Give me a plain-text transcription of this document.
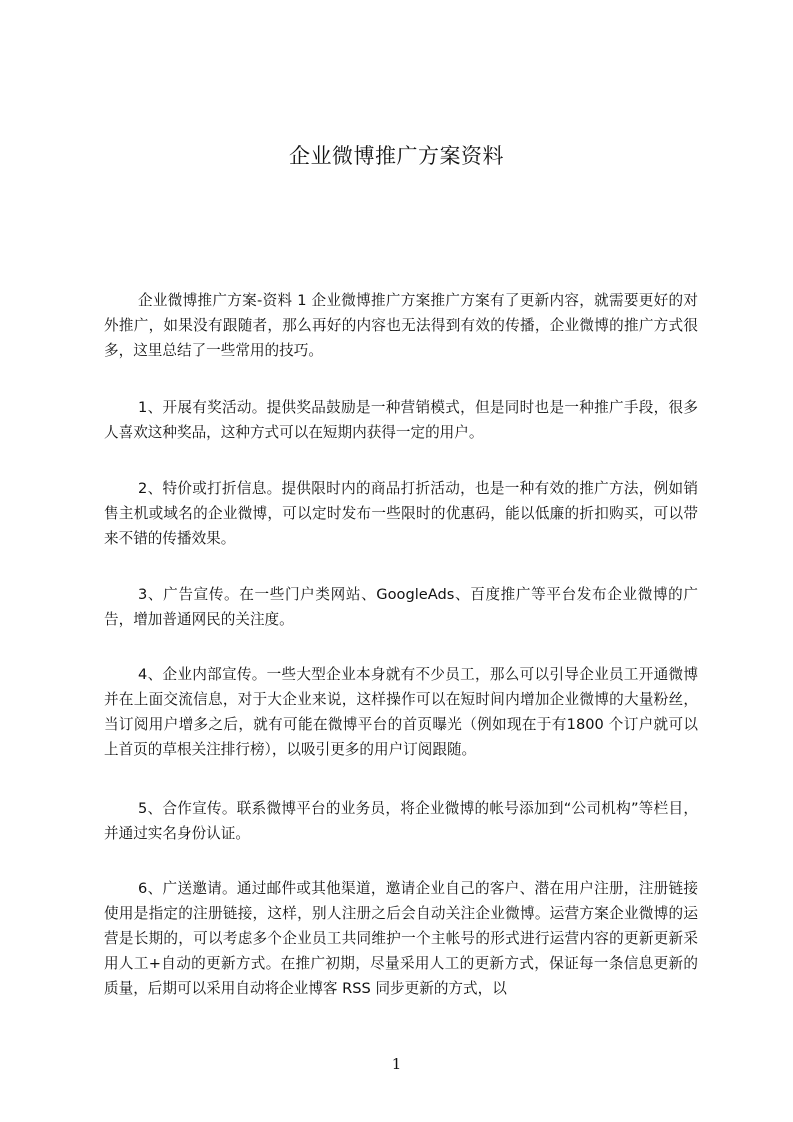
企业微博推广方案资料

企业微博推广方案-资料 1 企业微博推广方案推广方案有了更新内容，就需要更好的对外推广，如果没有跟随者，那么再好的内容也无法得到有效的传播，企业微博的推广方式很多，这里总结了一些常用的技巧。

1、开展有奖活动。提供奖品鼓励是一种营销模式，但是同时也是一种推广手段，很多人喜欢这种奖品，这种方式可以在短期内获得一定的用户。

2、特价或打折信息。提供限时内的商品打折活动，也是一种有效的推广方法，例如销售主机或域名的企业微博，可以定时发布一些限时的优惠码，能以低廉的折扣购买，可以带来不错的传播效果。

3、广告宣传。在一些门户类网站、GoogleAds、百度推广等平台发布企业微博的广告，增加普通网民的关注度。

4、企业内部宣传。一些大型企业本身就有不少员工，那么可以引导企业员工开通微博并在上面交流信息，对于大企业来说，这样操作可以在短时间内增加企业微博的大量粉丝，当订阅用户增多之后，就有可能在微博平台的首页曝光（例如现在于有1800 个订户就可以上首页的草根关注排行榜），以吸引更多的用户订阅跟随。

5、合作宣传。联系微博平台的业务员，将企业微博的帐号添加到“公司机构”等栏目，并通过实名身份认证。

6、广送邀请。通过邮件或其他渠道，邀请企业自己的客户、潜在用户注册，注册链接使用是指定的注册链接，这样，别人注册之后会自动关注企业微博。运营方案企业微博的运营是长期的，可以考虑多个企业员工共同维护一个主帐号的形式进行运营内容的更新更新采用人工+自动的更新方式。在推广初期，尽量采用人工的更新方式，保证每一条信息更新的质量，后期可以采用自动将企业博客 RSS 同步更新的方式，以

1
